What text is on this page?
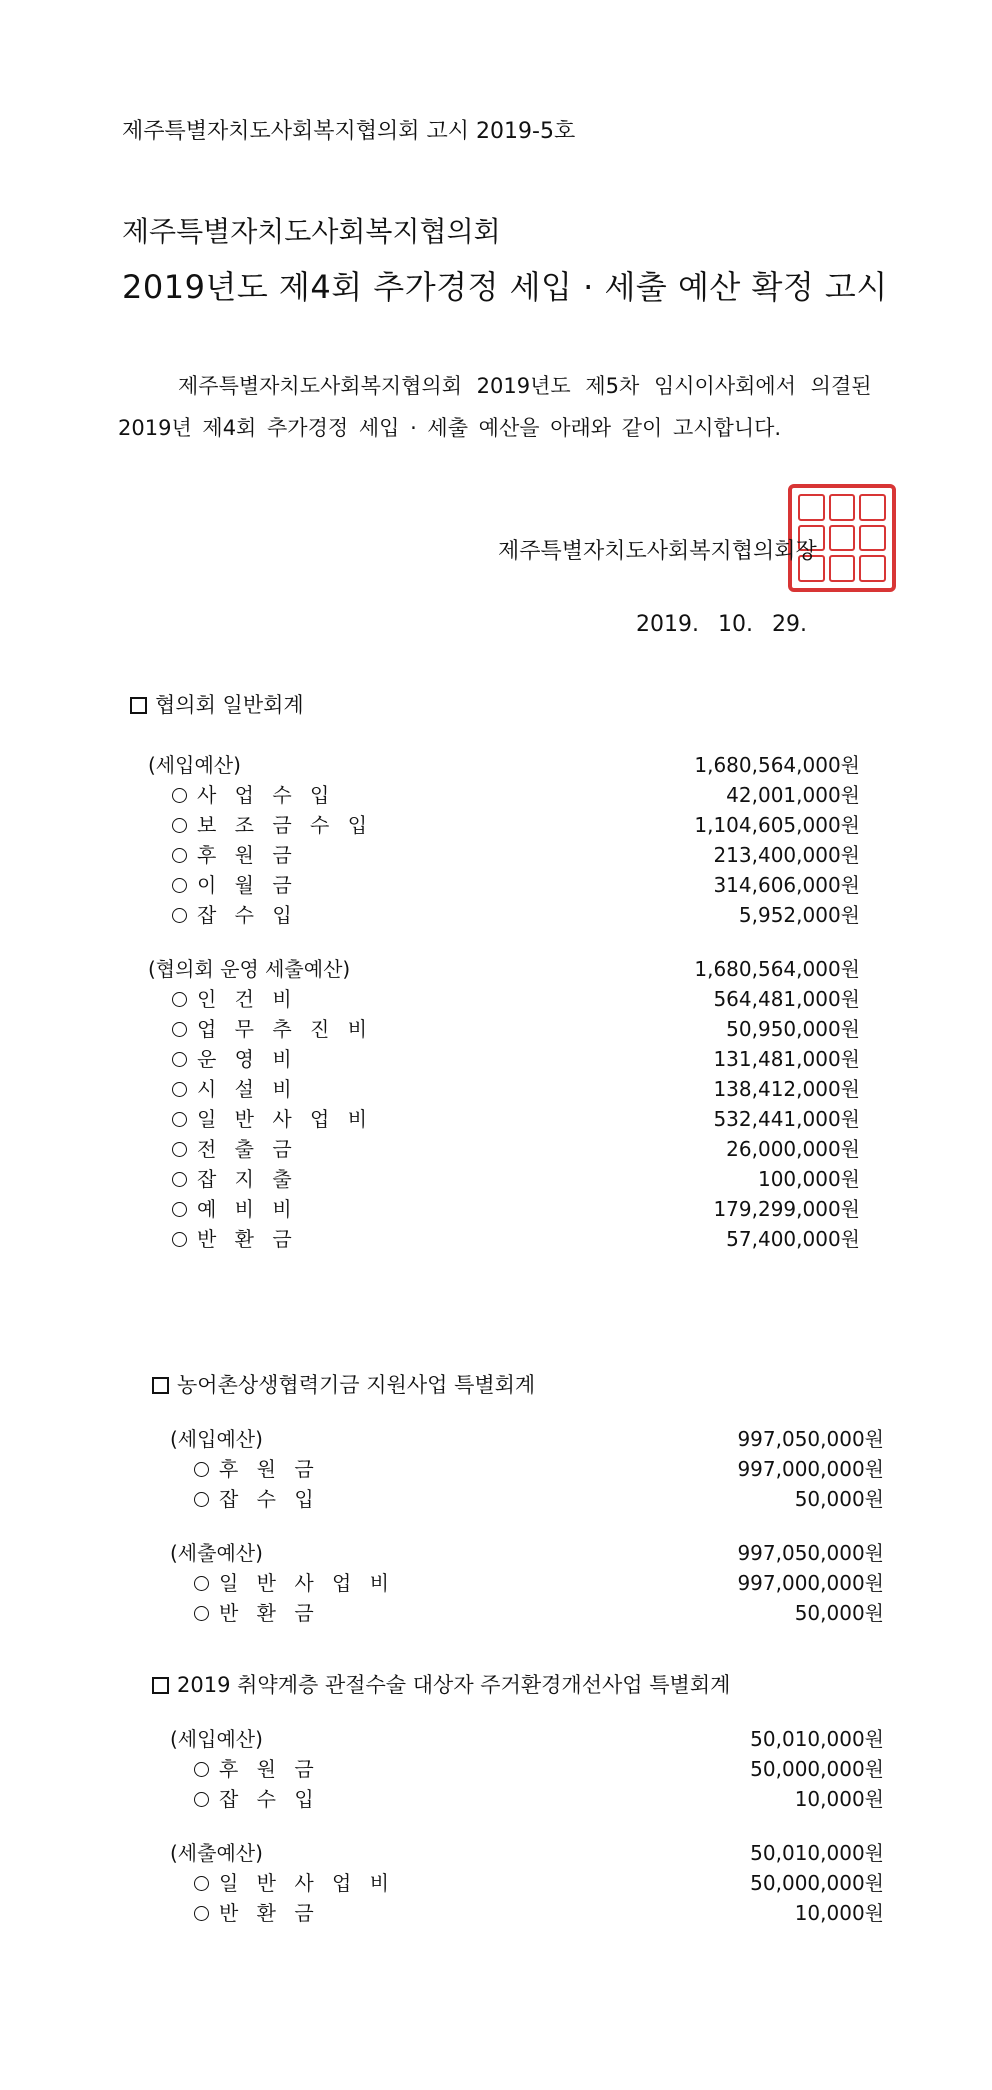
제주특별자치도사회복지협의회 고시 2019-5호
제주특별자치도사회복지협의회
2019년도 제4회 추가경정 세입 · 세출 예산 확정 고시
제주특별자치도사회복지협의회 2019년도 제5차 임시이사회에서 의결된
2019년 제4회 추가경정 세입 · 세출 예산을 아래와 같이 고시합니다.
제주특별자치도사회복지협의회장
2019. 10. 29.
협의회 일반회계
(세입예산)	1,680,564,000원
사 업 수 입	42,001,000원
보 조 금 수 입	1,104,605,000원
후 원 금	213,400,000원
이 월 금	314,606,000원
잡 수 입	5,952,000원
(협의회 운영 세출예산)	1,680,564,000원
인 건 비	564,481,000원
업 무 추 진 비	50,950,000원
운 영 비	131,481,000원
시 설 비	138,412,000원
일 반 사 업 비	532,441,000원
전 출 금	26,000,000원
잡 지 출	100,000원
예 비 비	179,299,000원
반 환 금	57,400,000원
농어촌상생협력기금 지원사업 특별회계
(세입예산)	997,050,000원
후 원 금	997,000,000원
잡 수 입	50,000원
(세출예산)	997,050,000원
일 반 사 업 비	997,000,000원
반 환 금	50,000원
2019 취약계층 관절수술 대상자 주거환경개선사업 특별회계
(세입예산)	50,010,000원
후 원 금	50,000,000원
잡 수 입	10,000원
(세출예산)	50,010,000원
일 반 사 업 비	50,000,000원
반 환 금	10,000원
